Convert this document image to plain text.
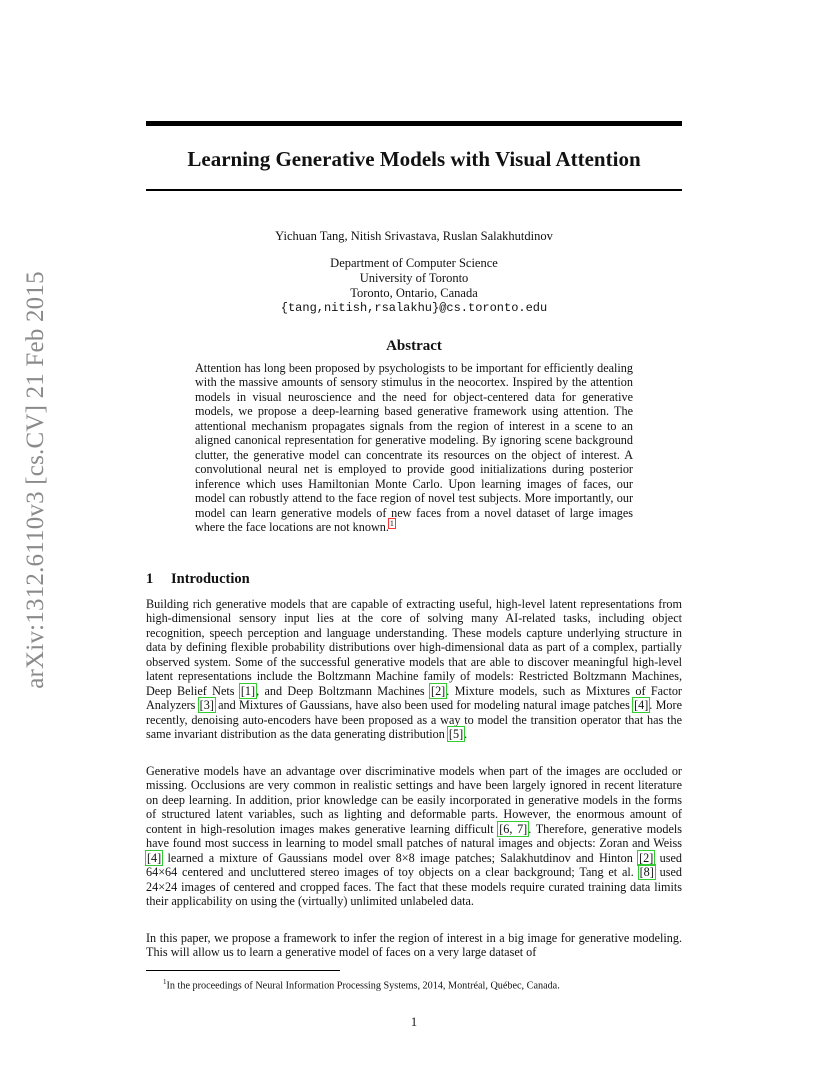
arXiv:1312.6110v3 [cs.CV] 21 Feb 2015
Learning Generative Models with Visual Attention
Yichuan Tang, Nitish Srivastava, Ruslan Salakhutdinov
Department of Computer Science
University of Toronto
Toronto, Ontario, Canada
{tang,nitish,rsalakhu}@cs.toronto.edu
Abstract
Attention has long been proposed by psychologists to be important for efficiently dealing with the massive amounts of sensory stimulus in the neocortex. Inspired by the attention models in visual neuroscience and the need for object-centered data for generative models, we propose a deep-learning based generative framework using attention. The attentional mechanism propagates signals from the region of interest in a scene to an aligned canonical representation for generative modeling. By ignoring scene background clutter, the generative model can concentrate its resources on the object of interest. A convolutional neural net is employed to provide good initializations during posterior inference which uses Hamiltonian Monte Carlo. Upon learning images of faces, our model can robustly attend to the face region of novel test subjects. More importantly, our model can learn generative models of new faces from a novel dataset of large images where the face locations are not known.$^1$
1 Introduction

Building rich generative models that are capable of extracting useful, high-level latent representations from high-dimensional sensory input lies at the core of solving many AI-related tasks, including object recognition, speech perception and language understanding. These models capture underlying structure in data by defining flexible probability distributions over high-dimensional data as part of a complex, partially observed system. Some of the successful generative models that are able to discover meaningful high-level latent representations include the Boltzmann Machine family of models: Restricted Boltzmann Machines, Deep Belief Nets [1], and Deep Boltzmann Machines [2]. Mixture models, such as Mixtures of Factor Analyzers [3] and Mixtures of Gaussians, have also been used for modeling natural image patches [4]. More recently, denoising auto-encoders have been proposed as a way to model the transition operator that has the same invariant distribution as the data generating distribution [5].

Generative models have an advantage over discriminative models when part of the images are occluded or missing. Occlusions are very common in realistic settings and have been largely ignored in recent literature on deep learning. In addition, prior knowledge can be easily incorporated in generative models in the forms of structured latent variables, such as lighting and deformable parts. However, the enormous amount of content in high-resolution images makes generative learning difficult [6, 7]. Therefore, generative models have found most success in learning to model small patches of natural images and objects: Zoran and Weiss [4] learned a mixture of Gaussians model over 8×8 image patches; Salakhutdinov and Hinton [2] used 64×64 centered and uncluttered stereo images of toy objects on a clear background; Tang et al. [8] used 24×24 images of centered and cropped faces. The fact that these models require curated training data limits their applicability on using the (virtually) unlimited unlabeled data.

In this paper, we propose a framework to infer the region of interest in a big image for generative modeling. This will allow us to learn a generative model of faces on a very large dataset of

$^1$In the proceedings of Neural Information Processing Systems, 2014, Montréal, Québec, Canada.
1
